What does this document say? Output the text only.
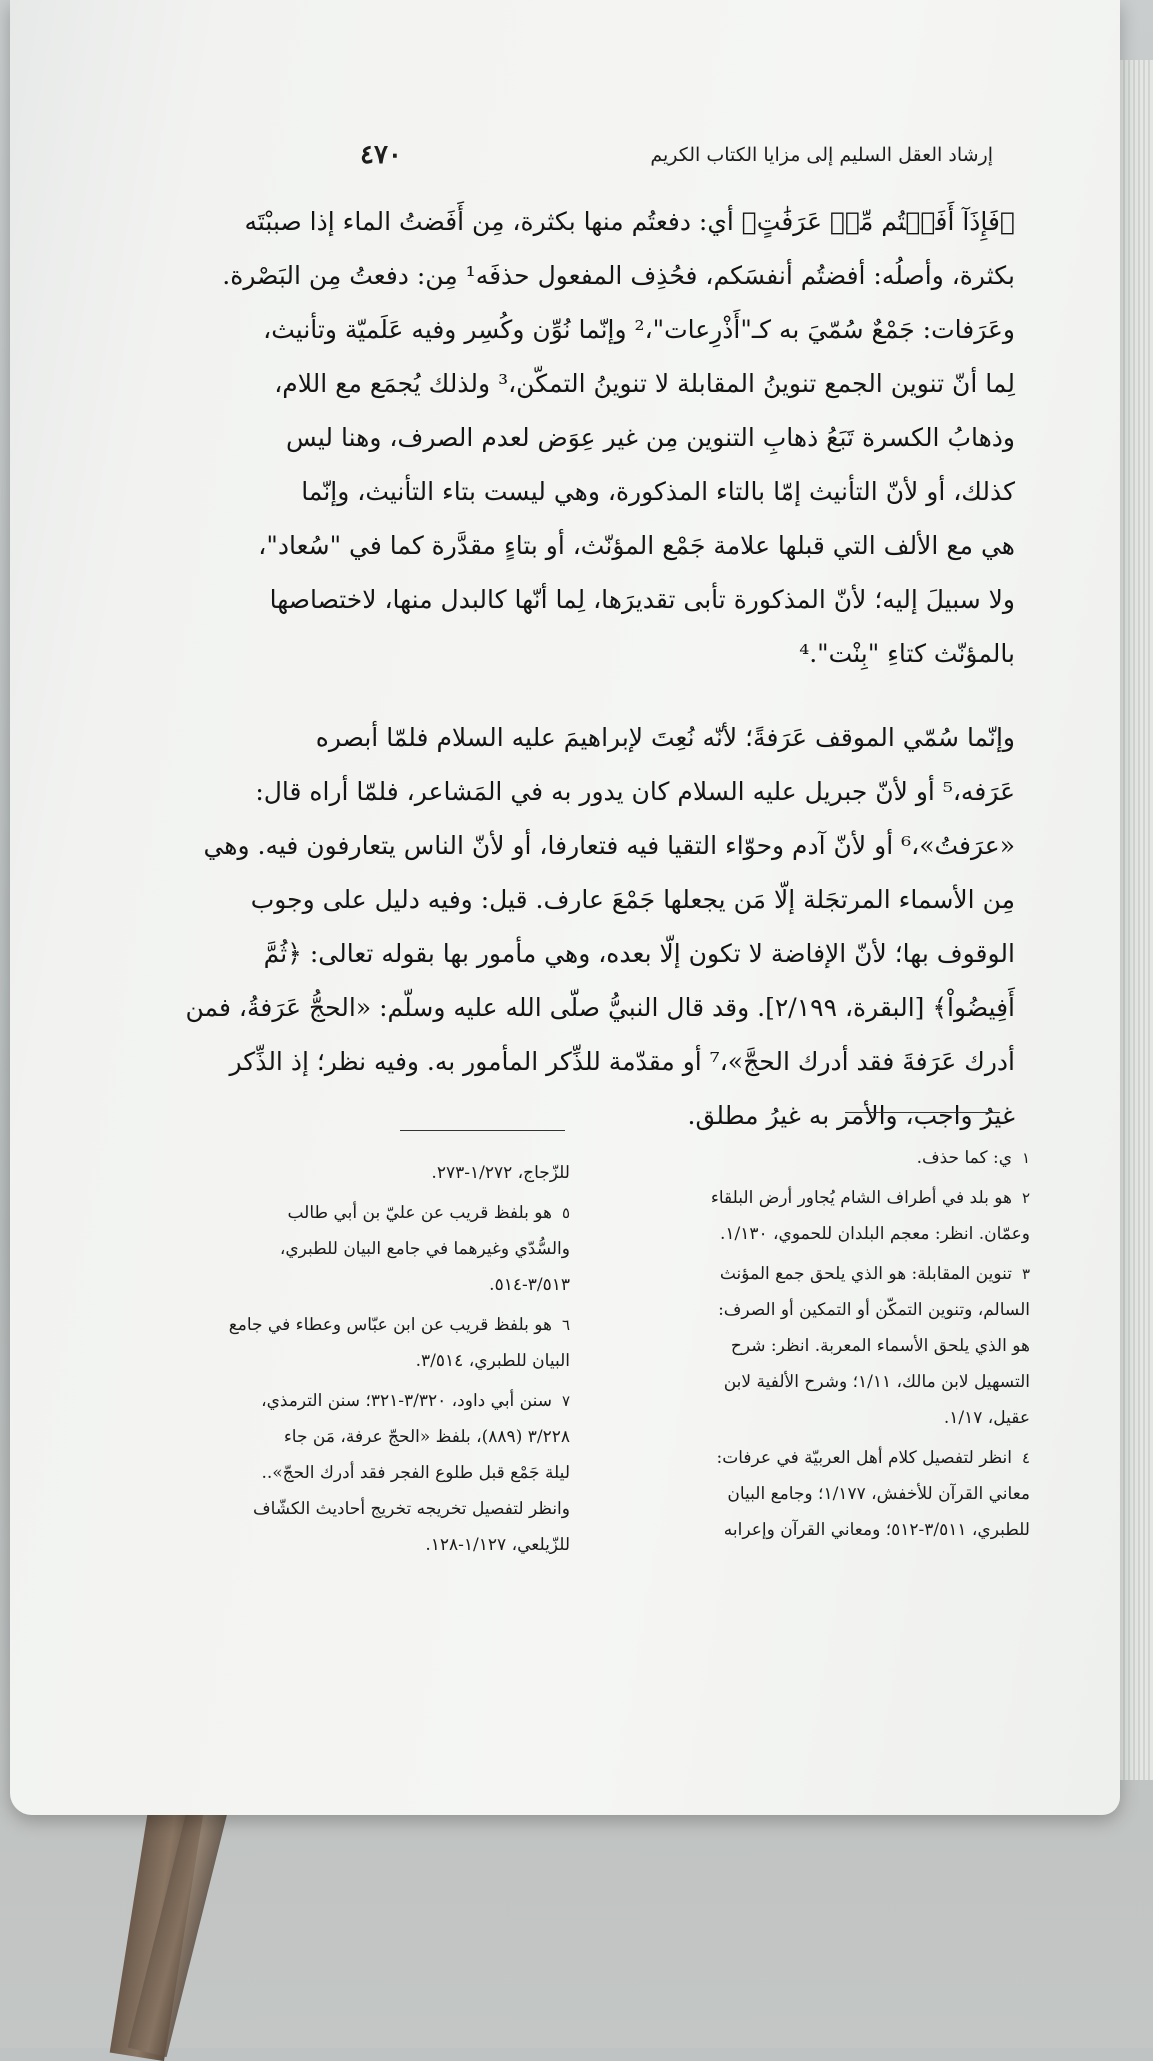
إرشاد العقل السليم إلى مزايا الكتاب الكريم
٤٧٠

﴿فَإِذَآ أَفَضۡتُم مِّنۡ عَرَفَٰتٍ﴾ أي: دفعتُم منها بكثرة، مِن أَفَضتُ الماء إذا صببْتَه

بكثرة، وأصلُه: أفضتُم أنفسَكم، فحُذِف المفعول حذفَه¹ مِن: دفعتُ مِن البَصْرة.

وعَرَفات: جَمْعٌ سُمّيَ به كـ"أَذْرِعات"،² وإنّما نُوِّن وكُسِر وفيه عَلَميّة وتأنيث،

لِما أنّ تنوين الجمع تنوينُ المقابلة لا تنوينُ التمكّن،³ ولذلك يُجمَع مع اللام،

وذهابُ الكسرة تَبَعُ ذهابِ التنوين مِن غير عِوَض لعدم الصرف، وهنا ليس

كذلك، أو لأنّ التأنيث إمّا بالتاء المذكورة، وهي ليست بتاء التأنيث، وإنّما

هي مع الألف التي قبلها علامة جَمْع المؤنّث، أو بتاءٍ مقدَّرة كما في "سُعاد"،

ولا سبيلَ إليه؛ لأنّ المذكورة تأبى تقديرَها، لِما أنّها كالبدل منها، لاختصاصها

بالمؤنّث كتاءِ "بِنْت".⁴

وإنّما سُمّي الموقف عَرَفةً؛ لأنّه نُعِتَ لإبراهيمَ عليه السلام فلمّا أبصره

عَرَفه،⁵ أو لأنّ جبريل عليه السلام كان يدور به في المَشاعر، فلمّا أراه قال:

«عرَفتُ»،⁶ أو لأنّ آدم وحوّاء التقيا فيه فتعارفا، أو لأنّ الناس يتعارفون فيه. وهي

مِن الأسماء المرتجَلة إلّا مَن يجعلها جَمْعَ عارف. قيل: وفيه دليل على وجوب

الوقوف بها؛ لأنّ الإفاضة لا تكون إلّا بعده، وهي مأمور بها بقوله تعالى: ﴿ثُمَّ

أَفِيضُواْ﴾ [البقرة، ٢/١٩٩]. وقد قال النبيُّ صلّى الله عليه وسلّم: «الحجُّ عَرَفةُ، فمن

أدرك عَرَفةَ فقد أدرك الحجَّ»،⁷ أو مقدّمة للذِّكر المأمور به. وفيه نظر؛ إذ الذِّكر

غيرُ واجب، والأمر به غيرُ مطلق.

١ي: كما حذف.

٢هو بلد في أطراف الشام يُجاور أرض البلقاء
وعمّان. انظر: معجم البلدان للحموي، ١/١٣٠.

٣تنوين المقابلة: هو الذي يلحق جمع المؤنث
السالم، وتنوين التمكّن أو التمكين أو الصرف:
هو الذي يلحق الأسماء المعربة. انظر: شرح
التسهيل لابن مالك، ١/١١؛ وشرح الألفية لابن
عقيل، ١/١٧.

٤انظر لتفصيل كلام أهل العربيّة في عرفات:
معاني القرآن للأخفش، ١/١٧٧؛ وجامع البيان
للطبري، ٣/٥١١-٥١٢؛ ومعاني القرآن وإعرابه

للزّجاج، ١/٢٧٢-٢٧٣.

٥هو بلفظ قريب عن عليّ بن أبي طالب
والسُّدّي وغيرهما في جامع البيان للطبري،
٣/٥١٣-٥١٤.

٦هو بلفظ قريب عن ابن عبّاس وعطاء في جامع
البيان للطبري، ٣/٥١٤.

٧سنن أبي داود، ٣/٣٢٠-٣٢١؛ سنن الترمذي،
٣/٢٢٨ (٨٨٩)، بلفظ «الحجّ عرفة، مَن جاء
ليلة جَمْع قبل طلوع الفجر فقد أدرك الحجّ»..
وانظر لتفصيل تخريجه تخريج أحاديث الكشّاف
للزّيلعي، ١/١٢٧-١٢٨.
